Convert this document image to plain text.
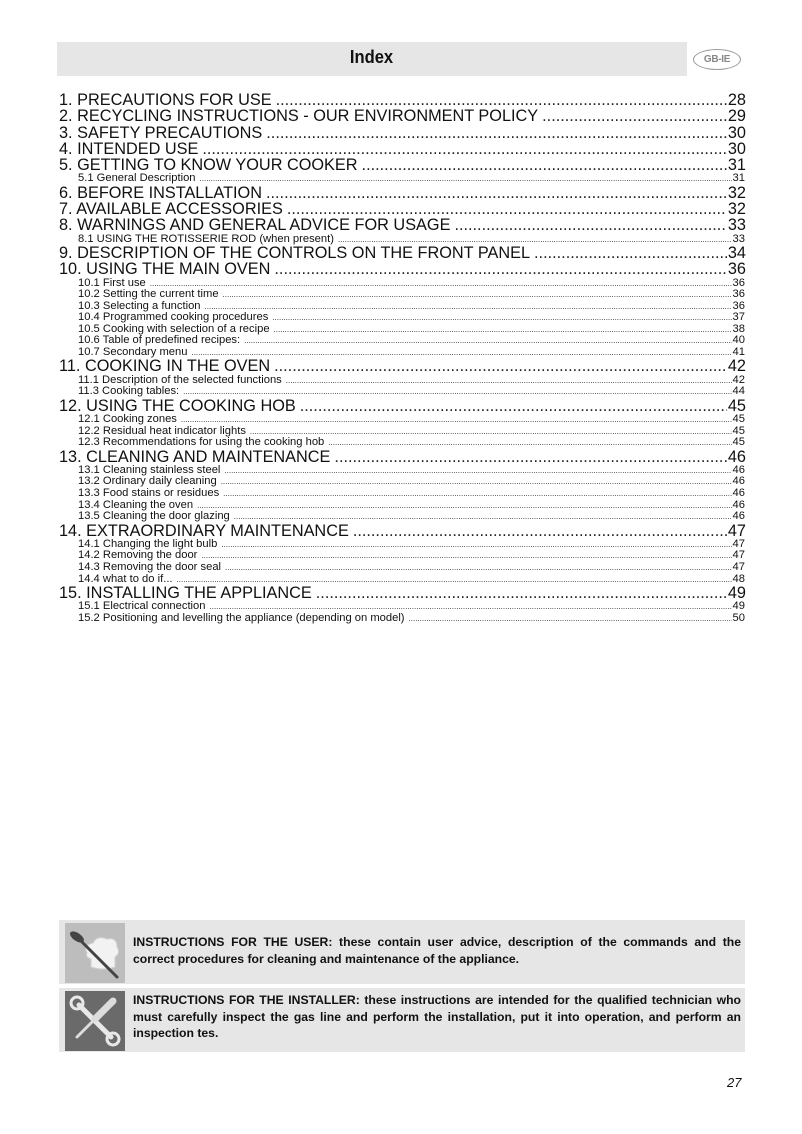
Index	GB-IE
1. PRECAUTIONS FOR USE .....	28
2. RECYCLING INSTRUCTIONS - OUR ENVIRONMENT POLICY .....	29
3. SAFETY PRECAUTIONS .....	30
4. INTENDED USE .....	30
5. GETTING TO KNOW YOUR COOKER .....	31
5.1 General Description .....	31
6. BEFORE INSTALLATION .....	32
7. AVAILABLE ACCESSORIES .....	32
8. WARNINGS AND GENERAL ADVICE FOR USAGE .....	33
8.1 USING THE ROTISSERIE ROD (when present) .....	33
9. DESCRIPTION OF THE CONTROLS ON THE FRONT PANEL .....	34
10. USING THE MAIN OVEN .....	36
10.1 First use .....	36
10.2 Setting the current time .....	36
10.3 Selecting a function .....	36
10.4 Programmed cooking procedures .....	37
10.5 Cooking with selection of a recipe .....	38
10.6 Table of predefined recipes: .....	40
10.7 Secondary menu .....	41
11. COOKING IN THE OVEN .....	42
11.1 Description of the selected functions .....	42
11.3 Cooking tables: .....	44
12. USING THE COOKING HOB .....	45
12.1 Cooking zones .....	45
12.2 Residual heat indicator lights .....	45
12.3 Recommendations for using the cooking hob .....	45
13. CLEANING AND MAINTENANCE .....	46
13.1 Cleaning stainless steel .....	46
13.2 Ordinary daily cleaning .....	46
13.3 Food stains or residues .....	46
13.4 Cleaning the oven .....	46
13.5 Cleaning the door glazing .....	46
14. EXTRAORDINARY MAINTENANCE .....	47
14.1 Changing the light bulb .....	47
14.2 Removing the door .....	47
14.3 Removing the door seal .....	47
14.4 what to do if... .....	48
15. INSTALLING THE APPLIANCE .....	49
15.1 Electrical connection .....	49
15.2 Positioning and levelling the appliance (depending on model) .....	50
INSTRUCTIONS FOR THE USER: these contain user advice, description of the commands and the correct procedures for cleaning and maintenance of the appliance.
INSTRUCTIONS FOR THE INSTALLER: these instructions are intended for the qualified technician who must carefully inspect the gas line and perform the installation, put it into operation, and perform an inspection tes.
27
